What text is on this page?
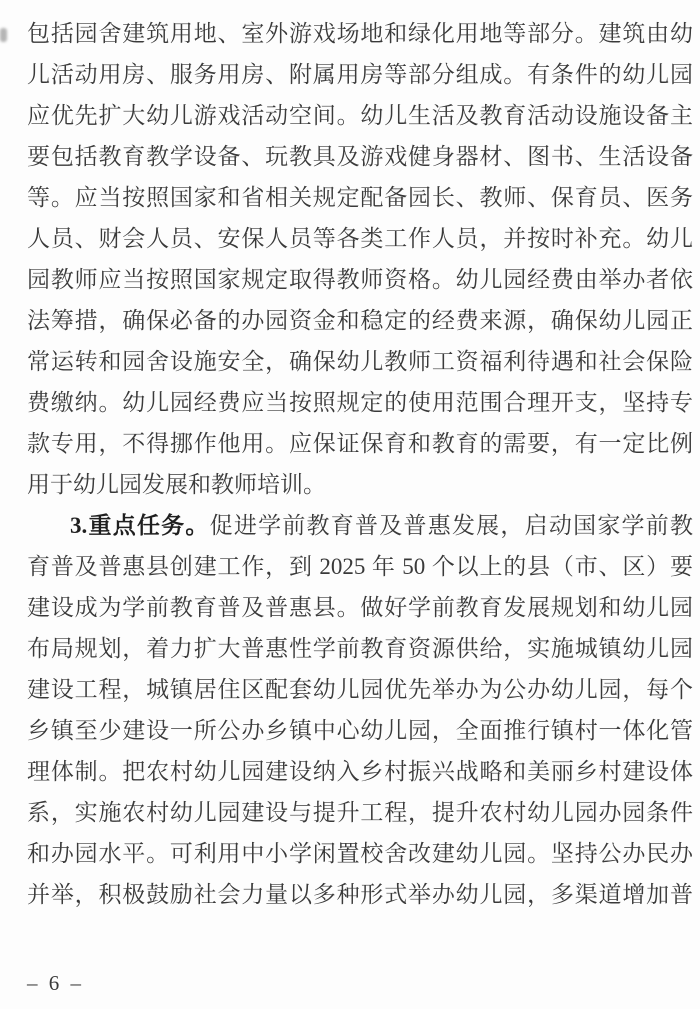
包括园舍建筑用地、室外游戏场地和绿化用地等部分。建筑由幼
儿活动用房、服务用房、附属用房等部分组成。有条件的幼儿园
应优先扩大幼儿游戏活动空间。幼儿生活及教育活动设施设备主
要包括教育教学设备、玩教具及游戏健身器材、图书、生活设备
等。应当按照国家和省相关规定配备园长、教师、保育员、医务
人员、财会人员、安保人员等各类工作人员，并按时补充。幼儿
园教师应当按照国家规定取得教师资格。幼儿园经费由举办者依
法筹措，确保必备的办园资金和稳定的经费来源，确保幼儿园正
常运转和园舍设施安全，确保幼儿教师工资福利待遇和社会保险
费缴纳。幼儿园经费应当按照规定的使用范围合理开支，坚持专
款专用，不得挪作他用。应保证保育和教育的需要，有一定比例
用于幼儿园发展和教师培训。
3.重点任务。促进学前教育普及普惠发展，启动国家学前教
育普及普惠县创建工作，到 2025 年 50 个以上的县（市、区）要
建设成为学前教育普及普惠县。做好学前教育发展规划和幼儿园
布局规划，着力扩大普惠性学前教育资源供给，实施城镇幼儿园
建设工程，城镇居住区配套幼儿园优先举办为公办幼儿园，每个
乡镇至少建设一所公办乡镇中心幼儿园，全面推行镇村一体化管
理体制。把农村幼儿园建设纳入乡村振兴战略和美丽乡村建设体
系，实施农村幼儿园建设与提升工程，提升农村幼儿园办园条件
和办园水平。可利用中小学闲置校舍改建幼儿园。坚持公办民办
并举，积极鼓励社会力量以多种形式举办幼儿园，多渠道增加普
– 6 –
